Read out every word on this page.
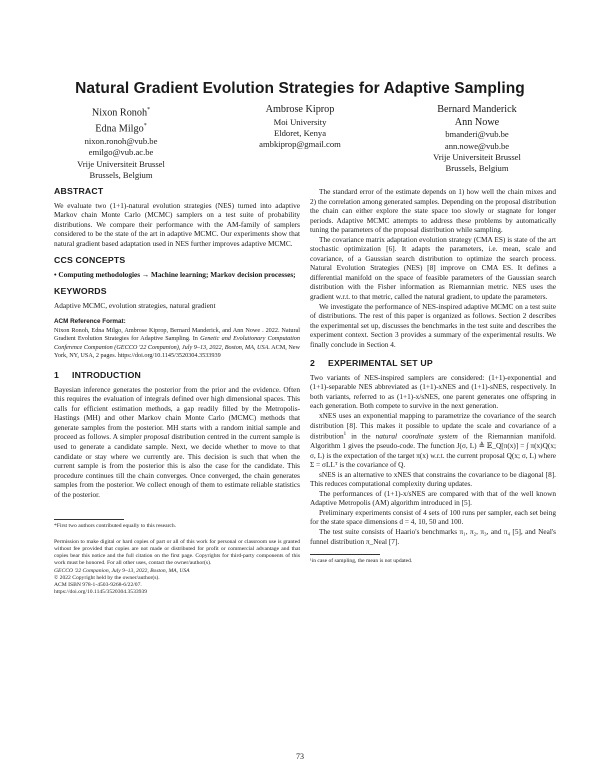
Natural Gradient Evolution Strategies for Adaptive Sampling
Nixon Ronoh*
Edna Milgo*
nixon.ronoh@vub.be
emilgo@vub.ac.be
Vrije Universiteit Brussel
Brussels, Belgium
Ambrose Kiprop
Moi University
Eldoret, Kenya
ambkiprop@gmail.com
Bernard Manderick
Ann Nowe
bmanderi@vub.be
ann.nowe@vub.be
Vrije Universiteit Brussel
Brussels, Belgium
ABSTRACT

We evaluate two (1+1)-natural evolution strategies (NES) turned into adaptive Markov chain Monte Carlo (MCMC) samplers on a test suite of probability distributions. We compare their performance with the AM-family of samplers considered to be the state of the art in adaptive MCMC. Our experiments show that natural gradient based adaptation used in NES further improves adaptive MCMC.

CCS CONCEPTS

• Computing methodologies → Machine learning; Markov decision processes;

KEYWORDS

Adaptive MCMC, evolution strategies, natural gradient

ACM Reference Format:
Nixon Ronoh, Edna Milgo, Ambrose Kiprop, Bernard Manderick, and Ann Nowe . 2022. Natural Gradient Evolution Strategies for Adaptive Sampling. In Genetic and Evolutionary Computation Conference Companion (GECCO '22 Companion), July 9–13, 2022, Boston, MA, USA. ACM, New York, NY, USA, 2 pages. https://doi.org/10.1145/3520304.3533939
1 INTRODUCTION

Bayesian inference generates the posterior from the prior and the evidence. Often this requires the evaluation of integrals defined over high dimensional spaces. This calls for efficient estimation methods, a gap readily filled by the Metropolis-Hastings (MH) and other Markov chain Monte Carlo (MCMC) methods that generate samples from the posterior. MH starts with a random initial sample and proceed as follows. A simpler proposal distribution centred in the current sample is used to generate a candidate sample. Next, we decide whether to move to that candidate or stay where we currently are. This decision is such that when the current sample is from the posterior this is also the case for the candidate. This procedure continues till the chain converges. Once converged, the chain generates samples from the posterior. We collect enough of them to estimate reliable statistics of the posterior.

*First two authors contributed equally to this research.
Permission to make digital or hard copies of part or all of this work for personal or classroom use is granted without fee provided that copies are not made or distributed for profit or commercial advantage and that copies bear this notice and the full citation on the first page. Copyrights for third-party components of this work must be honored. For all other uses, contact the owner/author(s).
GECCO '22 Companion, July 9–13, 2022, Boston, MA, USA
© 2022 Copyright held by the owner/author(s).
ACM ISBN 978-1-4503-9268-6/22/07.
https://doi.org/10.1145/3520304.3533939

The standard error of the estimate depends on 1) how well the chain mixes and 2) the correlation among generated samples. Depending on the proposal distribution the chain can either explore the state space too slowly or stagnate for longer periods. Adaptive MCMC attempts to address these problems by automatically tuning the parameters of the proposal distribution while sampling.

The covariance matrix adaptation evolution strategy (CMA ES) is state of the art stochastic optimization [6]. It adapts the parameters, i.e. mean, scale and covariance, of a Gaussian search distribution to optimize the search process. Natural Evolution Strategies (NES) [8] improve on CMA ES. It defines a differential manifold on the space of feasible parameters of the Gaussian search distribution with the Fisher information as Riemannian metric. NES uses the gradient w.r.t. to that metric, called the natural gradient, to update the parameters.

We investigate the performance of NES-inspired adaptive MCMC on a test suite of distributions. The rest of this paper is organized as follows. Section 2 describes the experimental set up, discusses the benchmarks in the test suite and describes the experiment context. Section 3 provides a summary of the experimental results. We finally conclude in Section 4.

2 EXPERIMENTAL SET UP

Two variants of NES-inspired samplers are considered: (1+1)-exponential and (1+1)-separable NES abbreviated as (1+1)-xNES and (1+1)-sNES, respectively. In both variants, referred to as (1+1)-x/sNES, one parent generates one offspring in each generation. Both compete to survive in the next generation.

xNES uses an exponential mapping to parametrize the covariance of the search distribution [8]. This makes it possible to update the scale and covariance of a distribution$^1$ in the natural coordinate system of the Riemannian manifold. Algorithm 1 gives the pseudo-code. The function J(σ, L) ≜ 𝔼_Q[π(x)] = ∫ π(x)Q(x; σ, L) is the expectation of the target π(x) w.r.t. the current proposal Q(x; σ, L) where Σ = σLLᵀ is the covariance of Q.

sNES is an alternative to xNES that constrains the covariance to be diagonal [8]. This reduces computational complexity during updates.

The performances of (1+1)-x/sNES are compared with that of the well known Adaptive Metropolis (AM) algorithm introduced in [5].

Preliminary experiments consist of 4 sets of 100 runs per sampler, each set being for the state space dimensions d = 4, 10, 50 and 100.

The test suite consists of Haario's benchmarks π₁, π₂, π₃, and π₄ [5], and Neal's funnel distribution π_Neal [7].

¹in case of sampling, the mean is not updated.
73
